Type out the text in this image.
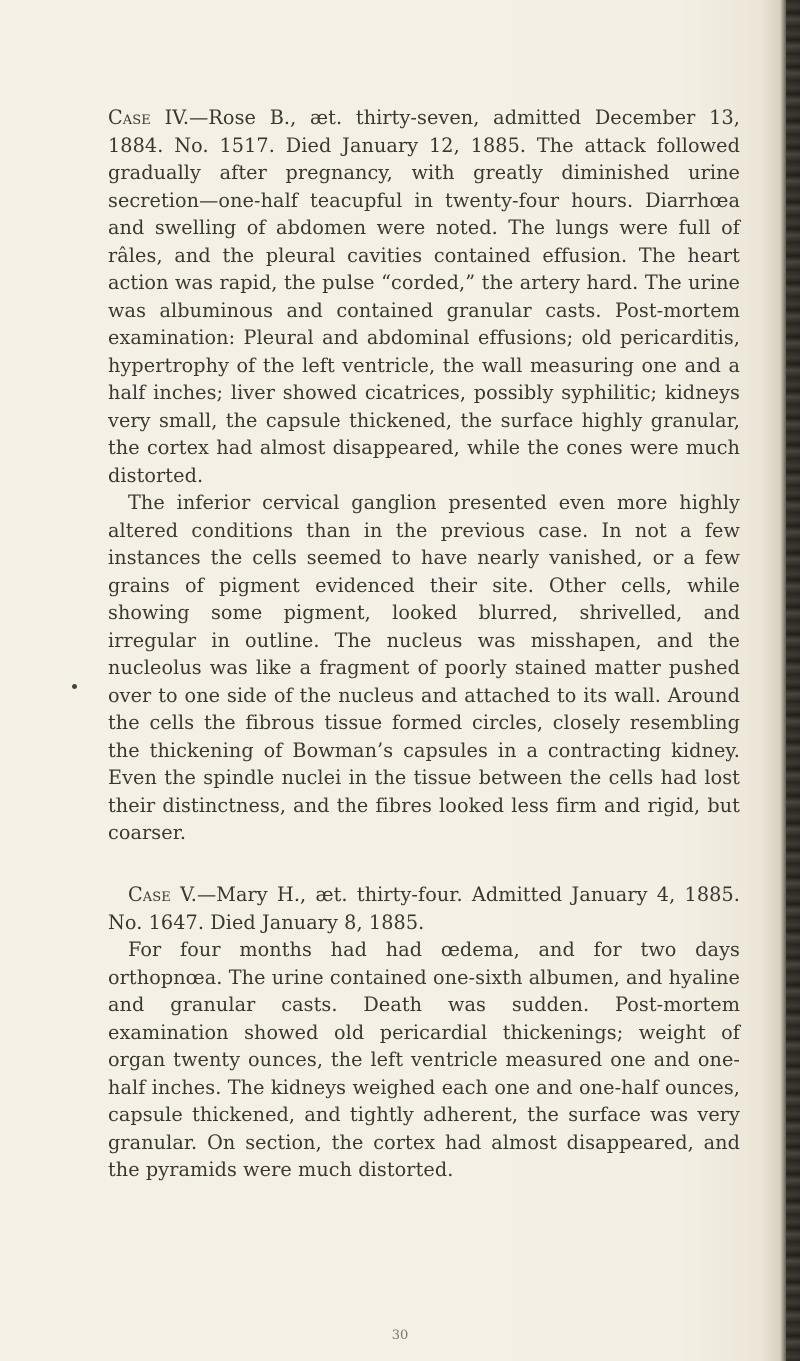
Case IV.—Rose B., æt. thirty-seven, admitted December 13, 1884. No. 1517. Died January 12, 1885. The attack followed gradually after pregnancy, with greatly diminished urine secretion—one-half teacupful in twenty-four hours. Diarrhœa and swelling of abdomen were noted. The lungs were full of râles, and the pleural cavities contained effusion. The heart action was rapid, the pulse “corded,” the artery hard. The urine was albuminous and contained granular casts. Post-mortem examination: Pleural and abdominal effusions; old pericarditis, hypertrophy of the left ventricle, the wall measuring one and a half inches; liver showed cicatrices, possibly syphilitic; kidneys very small, the capsule thickened, the surface highly granular, the cortex had almost disappeared, while the cones were much distorted.

The inferior cervical ganglion presented even more highly altered conditions than in the previous case. In not a few instances the cells seemed to have nearly vanished, or a few grains of pigment evidenced their site. Other cells, while showing some pigment, looked blurred, shrivelled, and irregular in outline. The nucleus was misshapen, and the nucleolus was like a fragment of poorly stained matter pushed over to one side of the nucleus and attached to its wall. Around the cells the fibrous tissue formed circles, closely resembling the thickening of Bowman’s capsules in a contracting kidney. Even the spindle nuclei in the tissue between the cells had lost their distinctness, and the fibres looked less firm and rigid, but coarser.

Case V.—Mary H., æt. thirty-four. Admitted January 4, 1885. No. 1647. Died January 8, 1885.

For four months had had œdema, and for two days orthopnœa. The urine contained one-sixth albumen, and hyaline and granular casts. Death was sudden. Post-mortem examination showed old pericardial thickenings; weight of organ twenty ounces, the left ventricle measured one and one-half inches. The kidneys weighed each one and one-half ounces, capsule thickened, and tightly adherent, the surface was very granular. On section, the cortex had almost disappeared, and the pyramids were much distorted.

30
